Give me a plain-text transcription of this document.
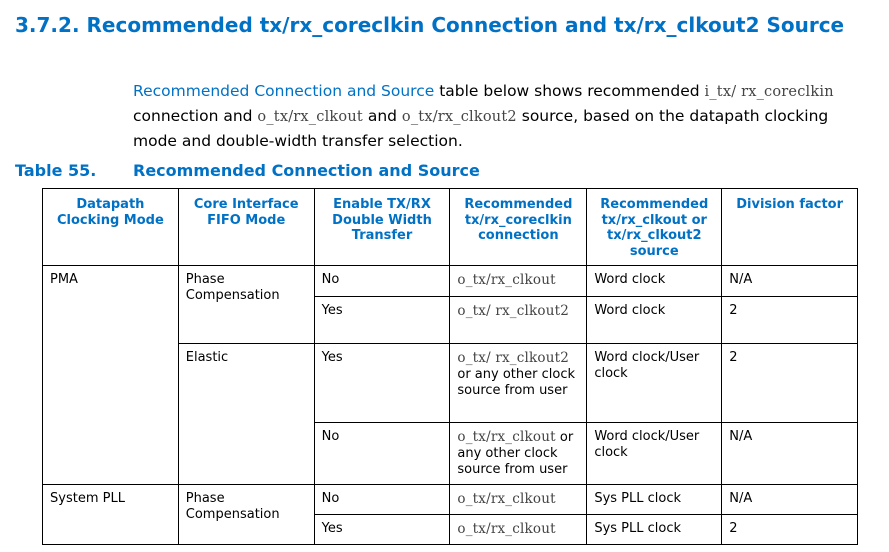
3.7.2. Recommended tx/rx_coreclkin Connection and tx/rx_clkout2 Source

Recommended Connection and Source table below shows recommended i_tx/ rx_coreclkin connection and o_tx/rx_clkout and o_tx/rx_clkout2 source, based on the datapath clocking mode and double-width transfer selection.

Table 55. Recommended Connection and Source

Datapath Clocking Mode	Core Interface FIFO Mode	Enable TX/RX Double Width Transfer	Recommended tx/rx_coreclkin connection	Recommended tx/rx_clkout or tx/rx_clkout2 source	Division factor
PMA	Phase Compensation	No	o_tx/rx_clkout	Word clock	N/A
		Yes	o_tx/ rx_clkout2	Word clock	2
	Elastic	Yes	o_tx/ rx_clkout2 or any other clock source from user	Word clock/User clock	2
		No	o_tx/rx_clkout or any other clock source from user	Word clock/User clock	N/A
System PLL	Phase Compensation	No	o_tx/rx_clkout	Sys PLL clock	N/A
		Yes	o_tx/rx_clkout	Sys PLL clock	2
